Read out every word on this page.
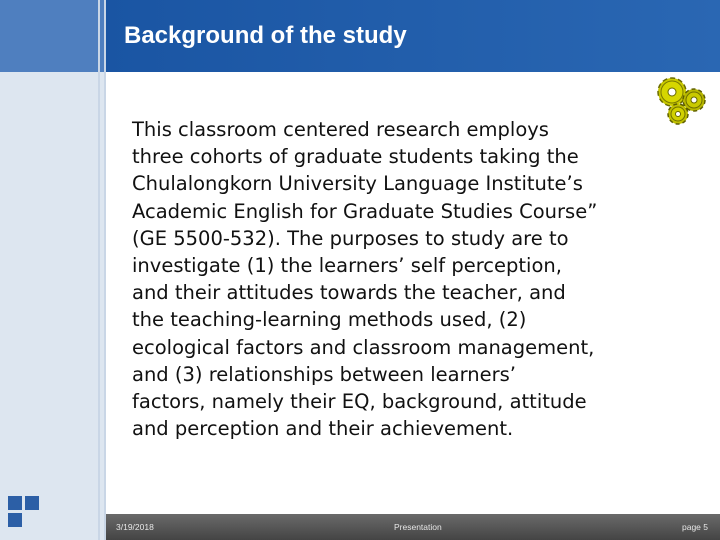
Background of the study
This classroom centered research employs
three cohorts of graduate students taking the
Chulalongkorn University Language Institute’s
Academic English for Graduate Studies Course”
(GE 5500-532). The purposes to study are to
investigate (1) the learners’ self perception,
and their attitudes towards the teacher, and
the teaching-learning methods used, (2)
ecological factors and classroom management,
and (3) relationships between learners’
factors, namely their EQ, background, attitude
and perception and their achievement.
3/19/2018	Presentation	page 5
